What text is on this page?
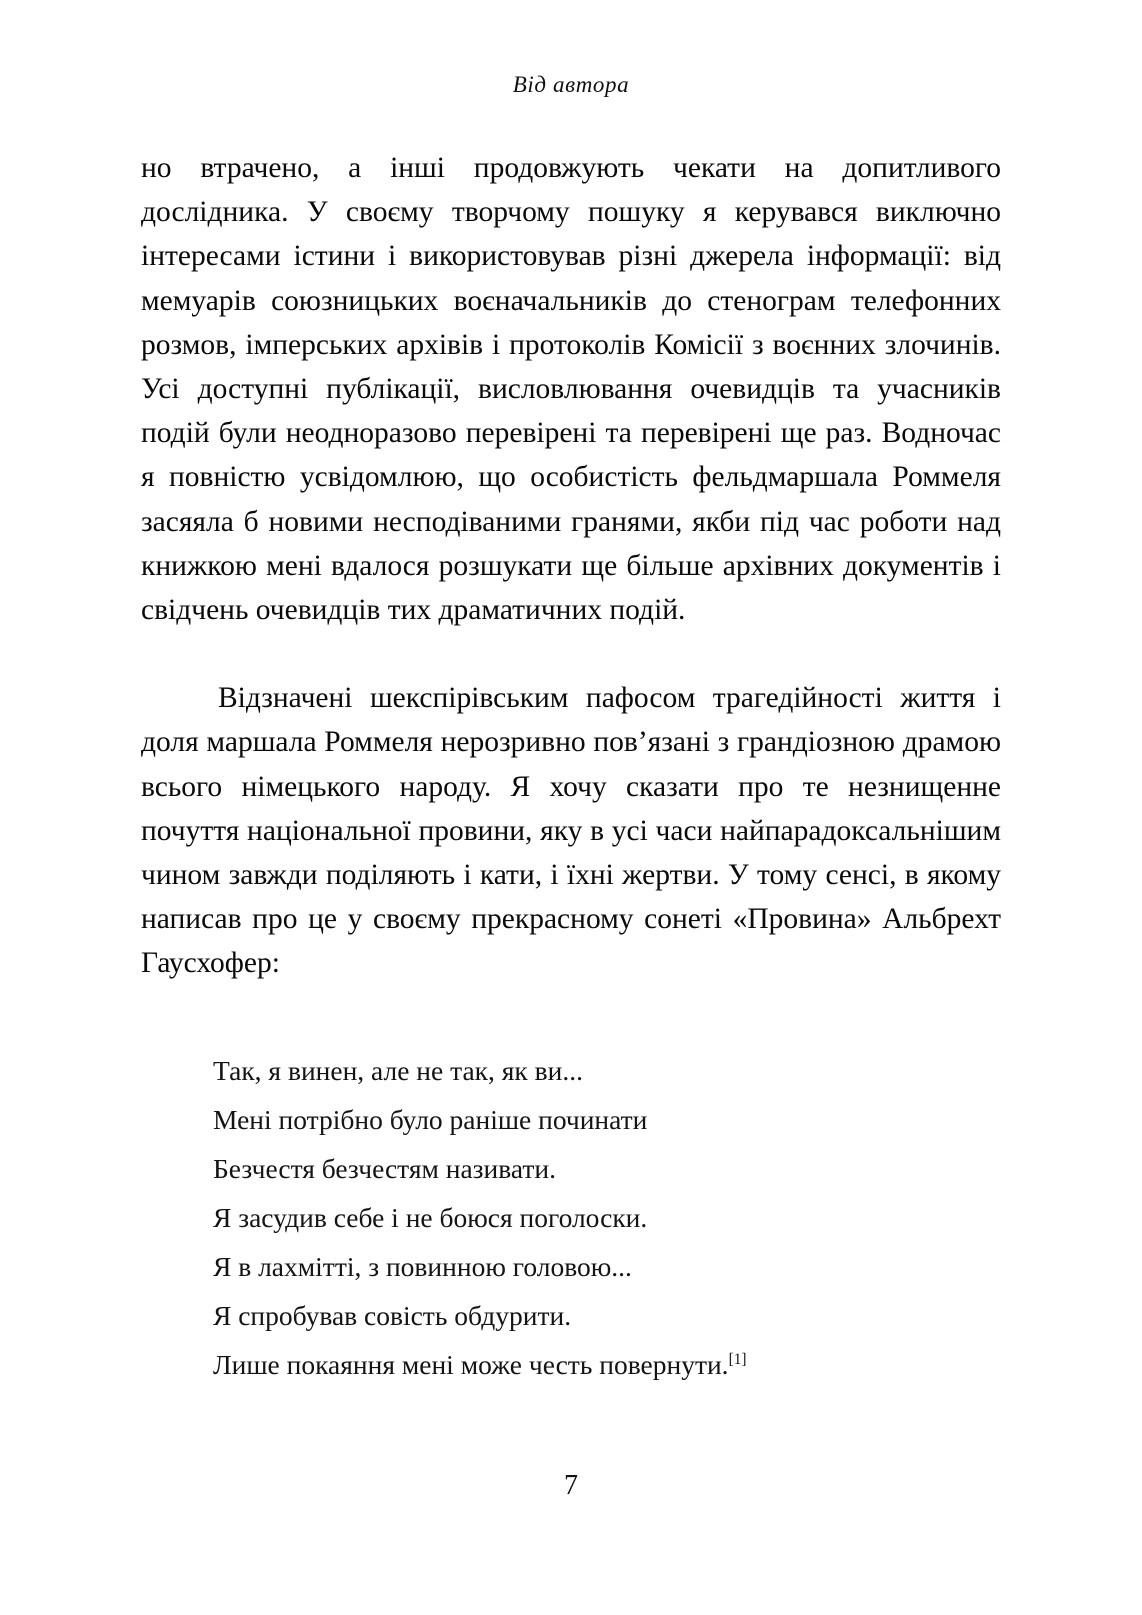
Від автора

но втрачено, а інші продовжують чекати на допитливого дослідника. У своєму творчому пошуку я керувався виключно інтересами істини і використовував різні джерела інформації: від мемуарів союзницьких воєначальників до стенограм телефонних розмов, імперських архівів і протоколів Комісії з воєнних злочинів. Усі доступні публікації, висловлювання очевидців та учасників подій були неодноразово перевірені та перевірені ще раз. Водночас я повністю усвідомлюю, що особистість фельдмаршала Роммеля засяяла б новими несподіваними гранями, якби під час роботи над книжкою мені вдалося розшукати ще більше архівних документів і свідчень очевидців тих драматичних подій.

Відзначені шекспірівським пафосом трагедійності життя і доля маршала Роммеля нерозривно пов’язані з грандіозною драмою всього німецького народу. Я хочу сказати про те незнищенне почуття національної провини, яку в усі часи найпарадоксальнішим чином завжди поділяють і кати, і їхні жертви. У тому сенсі, в якому написав про це у своєму прекрасному сонеті «Провина» Альбрехт Гаусхофер:

Так, я винен, але не так, як ви...
Мені потрібно було раніше починати
Безчестя безчестям називати.
Я засудив себе і не боюся поголоски.
Я в лахмітті, з повинною головою...
Я спробував совість обдурити.
Лише покаяння мені може честь повернути.[1]
7
